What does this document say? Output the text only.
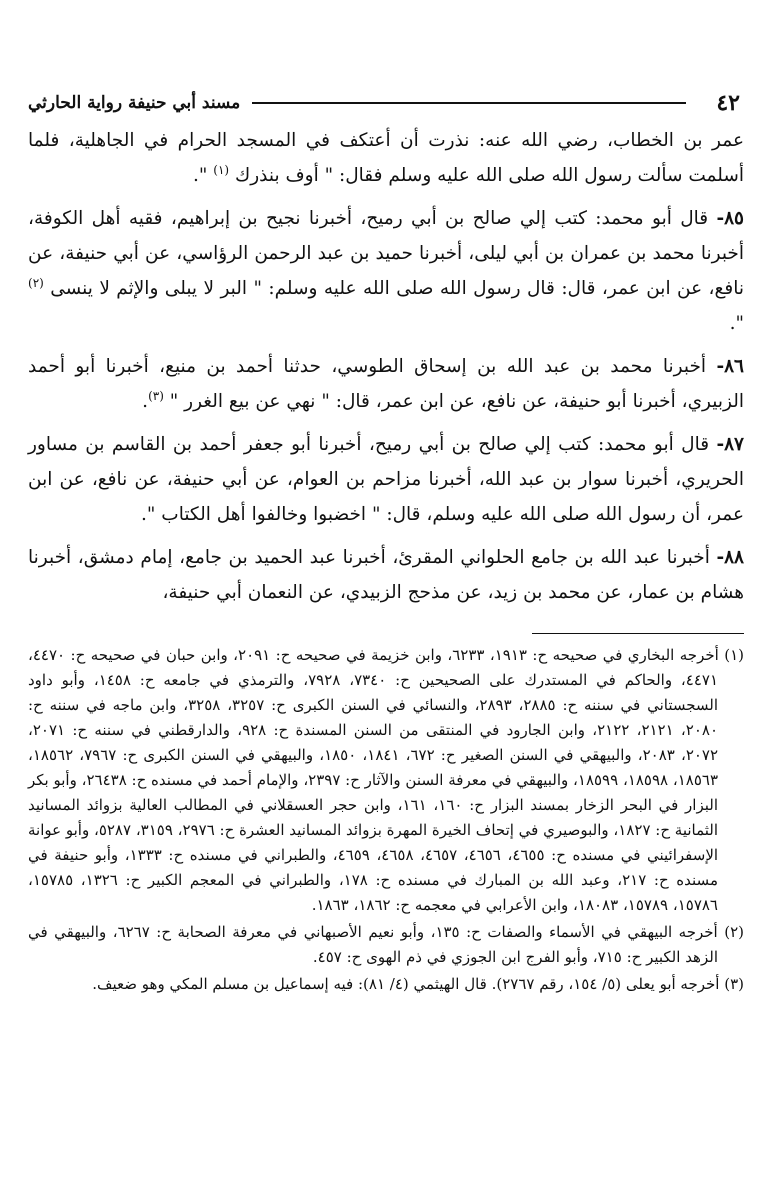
٤٢
مسند أبي حنيفة رواية الحارثي

عمر بن الخطاب، رضي الله عنه: نذرت أن أعتكف في المسجد الحرام في الجاهلية، فلما أسلمت سألت رسول الله صلى الله عليه وسلم فقال: " أوف بنذرك $^{(١)}$ ".

٨٥- قال أبو محمد: كتب إلي صالح بن أبي رميح، أخبرنا نجيح بن إبراهيم، فقيه أهل الكوفة، أخبرنا محمد بن عمران بن أبي ليلى، أخبرنا حميد بن عبد الرحمن الرؤاسي، عن أبي حنيفة، عن نافع، عن ابن عمر، قال: قال رسول الله صلى الله عليه وسلم: " البر لا يبلى والإثم لا ينسى $^{(٢)}$ ".

٨٦- أخبرنا محمد بن عبد الله بن إسحاق الطوسي، حدثنا أحمد بن منيع، أخبرنا أبو أحمد الزبيري، أخبرنا أبو حنيفة، عن نافع، عن ابن عمر، قال: " نهي عن بيع الغرر " $^{(٣)}$.

٨٧- قال أبو محمد: كتب إلي صالح بن أبي رميح، أخبرنا أبو جعفر أحمد بن القاسم بن مساور الحريري، أخبرنا سوار بن عبد الله، أخبرنا مزاحم بن العوام، عن أبي حنيفة، عن نافع، عن ابن عمر، أن رسول الله صلى الله عليه وسلم، قال: " اخضبوا وخالفوا أهل الكتاب ".

٨٨- أخبرنا عبد الله بن جامع الحلواني المقرئ، أخبرنا عبد الحميد بن جامع، إمام دمشق، أخبرنا هشام بن عمار، عن محمد بن زيد، عن مذحج الزبيدي، عن النعمان أبي حنيفة،

(١) أخرجه البخاري في صحيحه ح: ١٩١٣، ٦٢٣٣، وابن خزيمة في صحيحه ح: ٢٠٩١، وابن حبان في صحيحه ح: ٤٤٧٠، ٤٤٧١، والحاكم في المستدرك على الصحيحين ح: ٧٣٤٠، ٧٩٢٨، والترمذي في جامعه ح: ١٤٥٨، وأبو داود السجستاني في سننه ح: ٢٨٨٥، ٢٨٩٣، والنسائي في السنن الكبرى ح: ٣٢٥٧، ٣٢٥٨، وابن ماجه في سننه ح: ٢٠٨٠، ٢١٢١، ٢١٢٢، وابن الجارود في المنتقى من السنن المسندة ح: ٩٢٨، والدارقطني في سننه ح: ٢٠٧١، ٢٠٧٢، ٢٠٨٣، والبيهقي في السنن الصغير ح: ٦٧٢، ١٨٤١، ١٨٥٠، والبيهقي في السنن الكبرى ح: ٧٩٦٧، ١٨٥٦٢، ١٨٥٦٣، ١٨٥٩٨، ١٨٥٩٩، والبيهقي في معرفة السنن والآثار ح: ٢٣٩٧، والإمام أحمد في مسنده ح: ٢٦٤٣٨، وأبو بكر البزار في البحر الزخار بمسند البزار ح: ١٦٠، ١٦١، وابن حجر العسقلاني في المطالب العالية بزوائد المسانيد الثمانية ح: ١٨٢٧، والبوصيري في إتحاف الخيرة المهرة بزوائد المسانيد العشرة ح: ٢٩٧٦، ٣١٥٩، ٥٢٨٧، وأبو عوانة الإسفرائيني في مسنده ح: ٤٦٥٥، ٤٦٥٦، ٤٦٥٧، ٤٦٥٨، ٤٦٥٩، والطبراني في مسنده ح: ١٣٣٣، وأبو حنيفة في مسنده ح: ٢١٧، وعبد الله بن المبارك في مسنده ح: ١٧٨، والطبراني في المعجم الكبير ح: ١٣٢٦، ١٥٧٨٥، ١٥٧٨٦، ١٥٧٨٩، ١٨٠٨٣، وابن الأعرابي في معجمه ح: ١٨٦٢، ١٨٦٣.

(٢) أخرجه البيهقي في الأسماء والصفات ح: ١٣٥، وأبو نعيم الأصبهاني في معرفة الصحابة ح: ٦٢٦٧، والبيهقي في الزهد الكبير ح: ٧١٥، وأبو الفرج ابن الجوزي في ذم الهوى ح: ٤٥٧.

(٣) أخرجه أبو يعلى (٥/ ١٥٤، رقم ٢٧٦٧). قال الهيثمي (٤/ ٨١): فيه إسماعيل بن مسلم المكي وهو ضعيف.
